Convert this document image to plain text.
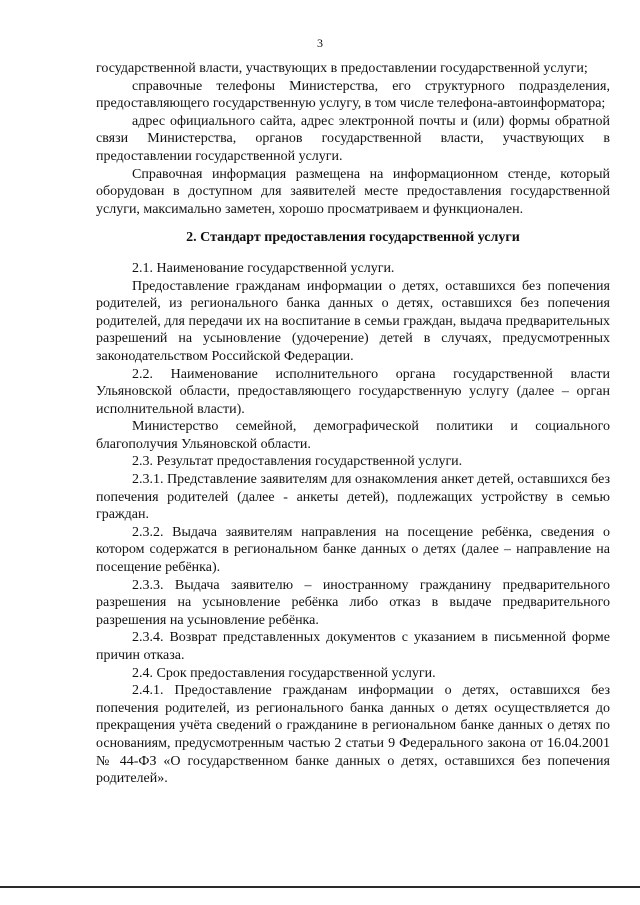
3

государственной власти, участвующих в предоставлении государственной услуги;

справочные телефоны Министерства, его структурного подразделения, предоставляющего государственную услугу, в том числе телефона-автоинформатора;

адрес официального сайта, адрес электронной почты и (или) формы обратной связи Министерства, органов государственной власти, участвующих в предоставлении государственной услуги.

Справочная информация размещена на информационном стенде, который оборудован в доступном для заявителей месте предоставления государственной услуги, максимально заметен, хорошо просматриваем и функционален.

2. Стандарт предоставления государственной услуги

2.1. Наименование государственной услуги.

Предоставление гражданам информации о детях, оставшихся без попечения родителей, из регионального банка данных о детях, оставшихся без попечения родителей, для передачи их на воспитание в семьи граждан, выдача предварительных разрешений на усыновление (удочерение) детей в случаях, предусмотренных законодательством Российской Федерации.

2.2. Наименование исполнительного органа государственной власти Ульяновской области, предоставляющего государственную услугу (далее – орган исполнительной власти).

Министерство семейной, демографической политики и социального благополучия Ульяновской области.

2.3. Результат предоставления государственной услуги.

2.3.1. Представление заявителям для ознакомления анкет детей, оставшихся без попечения родителей (далее - анкеты детей), подлежащих устройству в семью граждан.

2.3.2. Выдача заявителям направления на посещение ребёнка, сведения о котором содержатся в региональном банке данных о детях (далее – направление на посещение ребёнка).

2.3.3. Выдача заявителю – иностранному гражданину предварительного разрешения на усыновление ребёнка либо отказ в выдаче предварительного разрешения на усыновление ребёнка.

2.3.4. Возврат представленных документов с указанием в письменной форме причин отказа.

2.4. Срок предоставления государственной услуги.

2.4.1. Предоставление гражданам информации о детях, оставшихся без попечения родителей, из регионального банка данных о детях осуществляется до прекращения учёта сведений о гражданине в региональном банке данных о детях по основаниям, предусмотренным частью 2 статьи 9 Федерального закона от 16.04.2001 № 44-ФЗ «О государственном банке данных о детях, оставшихся без попечения родителей».
